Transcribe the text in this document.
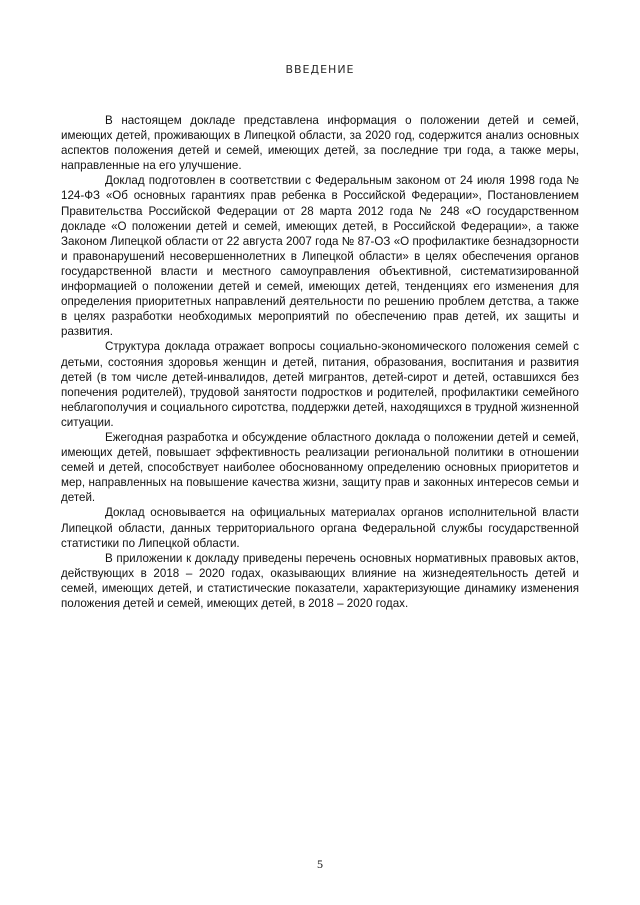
ВВЕДЕНИЕ

В настоящем докладе представлена информация о положении детей и семей, имеющих детей, проживающих в Липецкой области, за 2020 год, содержится анализ основных аспектов положения детей и семей, имеющих детей, за последние три года, а также меры, направленные на его улучшение.

Доклад подготовлен в соответствии с Федеральным законом от 24 июля 1998 года № 124-ФЗ «Об основных гарантиях прав ребенка в Российской Федерации», Постановлением Правительства Российской Федерации от 28 марта 2012 года № 248 «О государственном докладе «О положении детей и семей, имеющих детей, в Российской Федерации», а также Законом Липецкой области от 22 августа 2007 года № 87-ОЗ «О профилактике безнадзорности и правонарушений несовершеннолетних в Липецкой области» в целях обеспечения органов государственной власти и местного самоуправления объективной, систематизированной информацией о положении детей и семей, имеющих детей, тенденциях его изменения для определения приоритетных направлений деятельности по решению проблем детства, а также в целях разработки необходимых мероприятий по обеспечению прав детей, их защиты и развития.

Структура доклада отражает вопросы социально-экономического положения семей с детьми, состояния здоровья женщин и детей, питания, образования, воспитания и развития детей (в том числе детей-инвалидов, детей мигрантов, детей-сирот и детей, оставшихся без попечения родителей), трудовой занятости подростков и родителей, профилактики семейного неблагополучия и социального сиротства, поддержки детей, находящихся в трудной жизненной ситуации.

Ежегодная разработка и обсуждение областного доклада о положении детей и семей, имеющих детей, повышает эффективность реализации региональной политики в отношении семей и детей, способствует наиболее обоснованному определению основных приоритетов и мер, направленных на повышение качества жизни, защиту прав и законных интересов семьи и детей.

Доклад основывается на официальных материалах органов исполнительной власти Липецкой области, данных территориального органа Федеральной службы государственной статистики по Липецкой области.

В приложении к докладу приведены перечень основных нормативных правовых актов, действующих в 2018 – 2020 годах, оказывающих влияние на жизнедеятельность детей и семей, имеющих детей, и статистические показатели, характеризующие динамику изменения положения детей и семей, имеющих детей, в 2018 – 2020 годах.

5
